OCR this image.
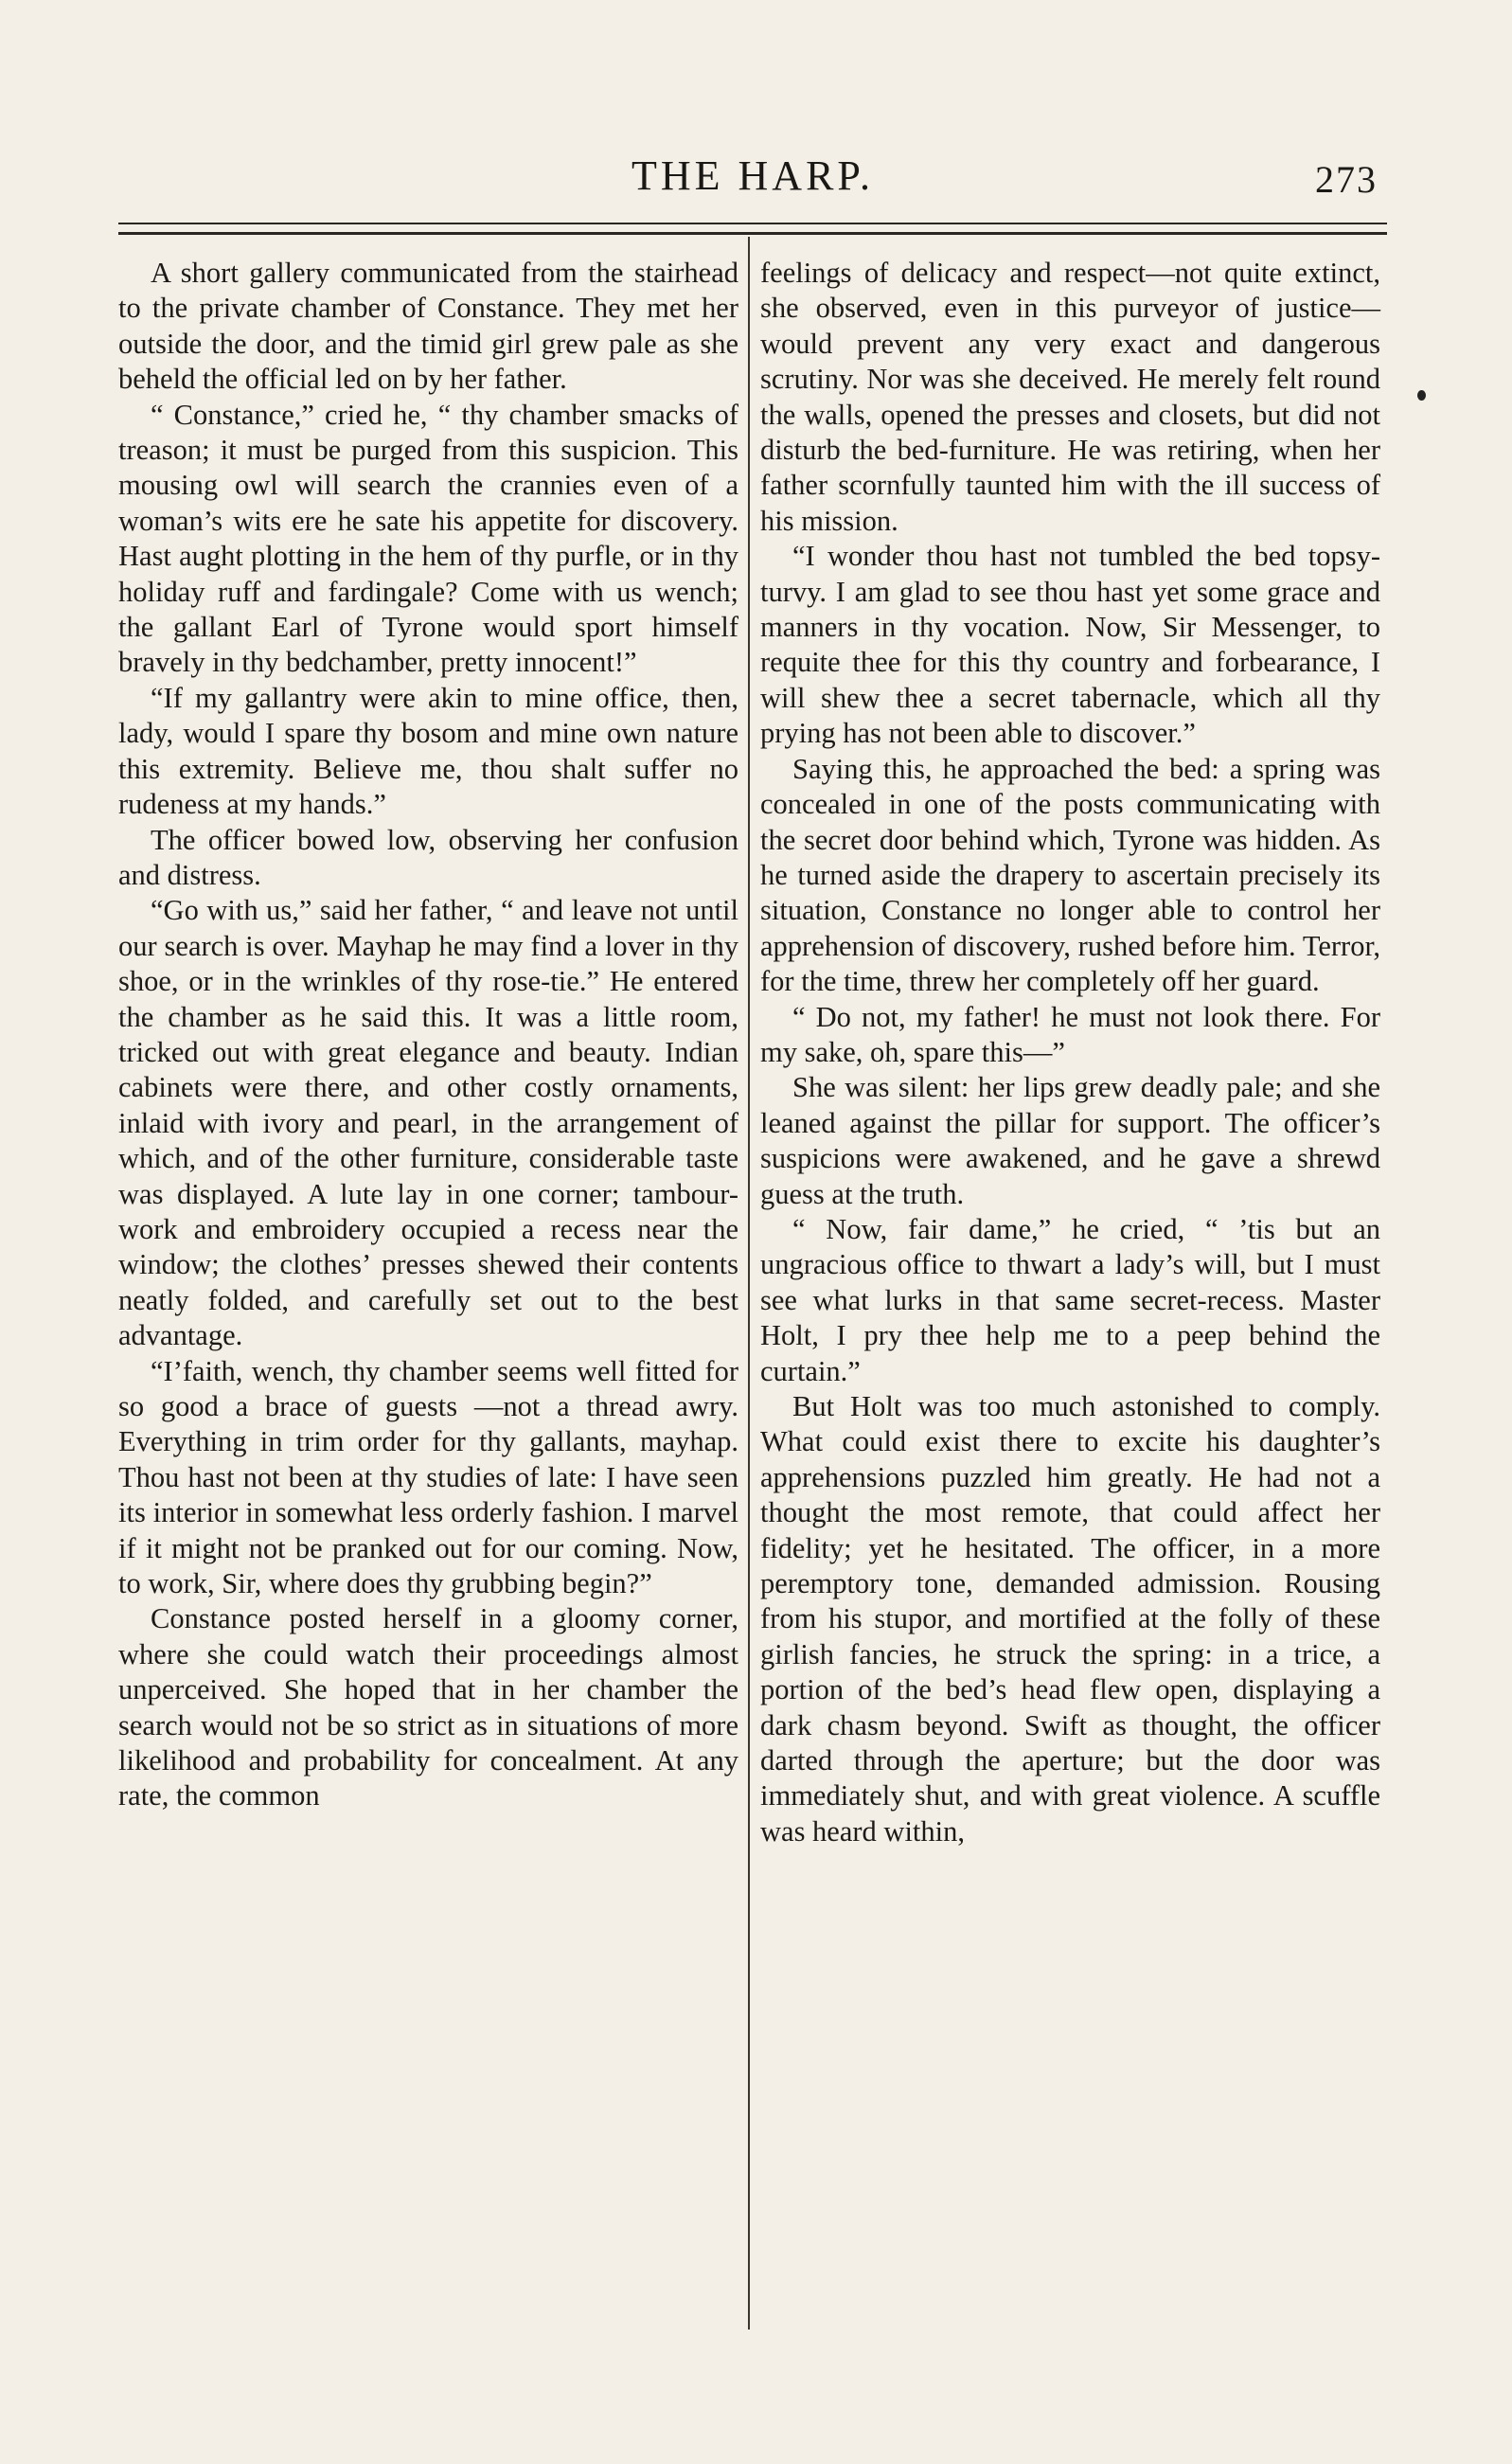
THE HARP.	273

A short gallery communicated from the stairhead to the private chamber of Constance. They met her outside the door, and the timid girl grew pale as she beheld the official led on by her father.

“ Constance,” cried he, “ thy chamber smacks of treason; it must be purged from this suspicion. This mousing owl will search the crannies even of a woman’s wits ere he sate his appetite for discovery. Hast aught plotting in the hem of thy purfle, or in thy holiday ruff and fardingale? Come with us wench; the gallant Earl of Tyrone would sport himself bravely in thy bedchamber, pretty innocent!”

“If my gallantry were akin to mine office, then, lady, would I spare thy bosom and mine own nature this extremity. Believe me, thou shalt suffer no rudeness at my hands.”

The officer bowed low, observing her confusion and distress.

“Go with us,” said her father, “ and leave not until our search is over. Mayhap he may find a lover in thy shoe, or in the wrinkles of thy rose-tie.” He entered the chamber as he said this. It was a little room, tricked out with great elegance and beauty. Indian cabinets were there, and other costly ornaments, inlaid with ivory and pearl, in the arrangement of which, and of the other furniture, considerable taste was displayed. A lute lay in one corner; tambour-work and embroidery occupied a recess near the window; the clothes’ presses shewed their contents neatly folded, and carefully set out to the best advantage.

“I’faith, wench, thy chamber seems well fitted for so good a brace of guests —not a thread awry. Everything in trim order for thy gallants, mayhap. Thou hast not been at thy studies of late: I have seen its interior in somewhat less orderly fashion. I marvel if it might not be pranked out for our coming. Now, to work, Sir, where does thy grubbing begin?”

Constance posted herself in a gloomy corner, where she could watch their proceedings almost unperceived. She hoped that in her chamber the search would not be so strict as in situations of more likelihood and probability for concealment. At any rate, the common

feelings of delicacy and respect—not quite extinct, she observed, even in this purveyor of justice—would prevent any very exact and dangerous scrutiny. Nor was she deceived. He merely felt round the walls, opened the presses and closets, but did not disturb the bed-furniture. He was retiring, when her father scornfully taunted him with the ill success of his mission.

“I wonder thou hast not tumbled the bed topsy-turvy. I am glad to see thou hast yet some grace and manners in thy vocation. Now, Sir Messenger, to requite thee for this thy country and forbearance, I will shew thee a secret tabernacle, which all thy prying has not been able to discover.”

Saying this, he approached the bed: a spring was concealed in one of the posts communicating with the secret door behind which, Tyrone was hidden. As he turned aside the drapery to ascertain precisely its situation, Constance no longer able to control her apprehension of discovery, rushed before him. Terror, for the time, threw her completely off her guard.

“ Do not, my father! he must not look there. For my sake, oh, spare this—”

She was silent: her lips grew deadly pale; and she leaned against the pillar for support. The officer’s suspicions were awakened, and he gave a shrewd guess at the truth.

“ Now, fair dame,” he cried, “ ’tis but an ungracious office to thwart a lady’s will, but I must see what lurks in that same secret-recess. Master Holt, I pry thee help me to a peep behind the curtain.”

But Holt was too much astonished to comply. What could exist there to excite his daughter’s apprehensions puzzled him greatly. He had not a thought the most remote, that could affect her fidelity; yet he hesitated. The officer, in a more peremptory tone, demanded admission. Rousing from his stupor, and mortified at the folly of these girlish fancies, he struck the spring: in a trice, a portion of the bed’s head flew open, displaying a dark chasm beyond. Swift as thought, the officer darted through the aperture; but the door was immediately shut, and with great violence. A scuffle was heard within,
